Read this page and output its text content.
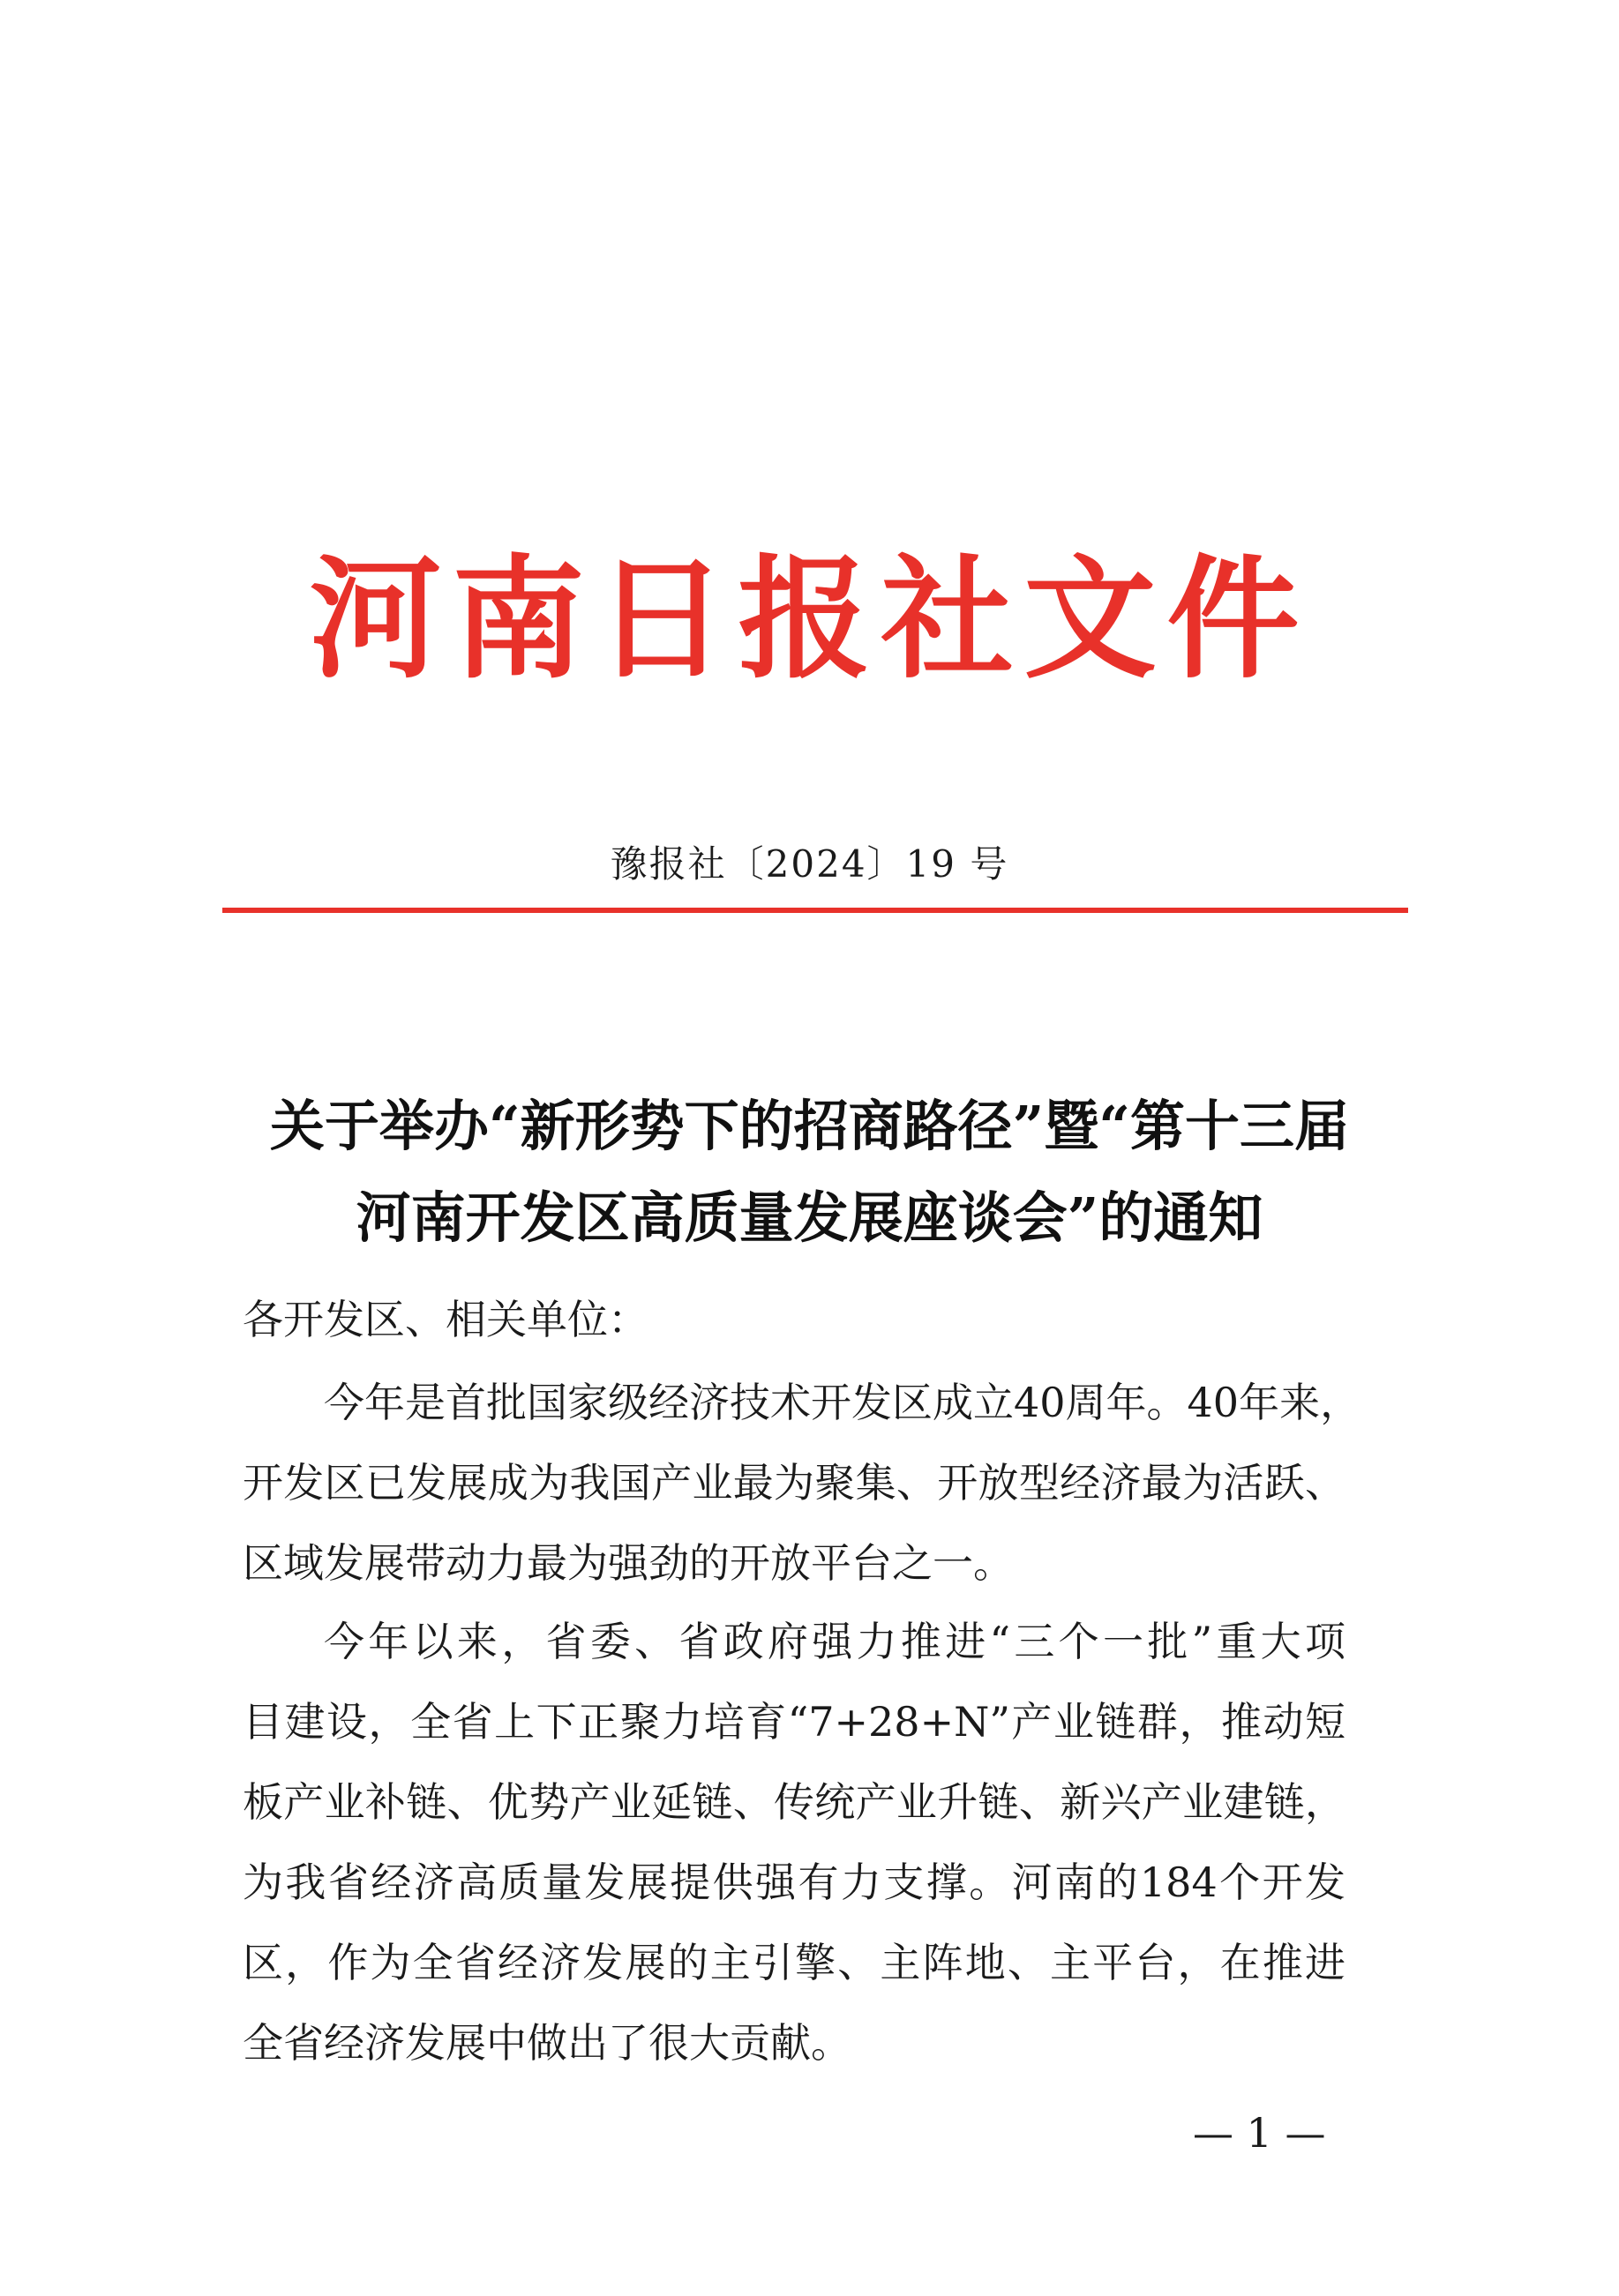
河南日报社文件
豫报社〔2024〕19 号
关于举办“新形势下的招商路径”暨“第十三届
河南开发区高质量发展座谈会”的通知
各开发区、相关单位：
今年是首批国家级经济技术开发区成立40周年。40年来，
开发区已发展成为我国产业最为聚集、开放型经济最为活跃、
区域发展带动力最为强劲的开放平台之一。
今年以来，省委、省政府强力推进“三个一批”重大项
目建设，全省上下正聚力培育“7+28+N”产业链群，推动短
板产业补链、优势产业延链、传统产业升链、新兴产业建链，
为我省经济高质量发展提供强有力支撑。河南的184个开发
区，作为全省经济发展的主引擎、主阵地、主平台，在推进
全省经济发展中做出了很大贡献。
— 1 —
